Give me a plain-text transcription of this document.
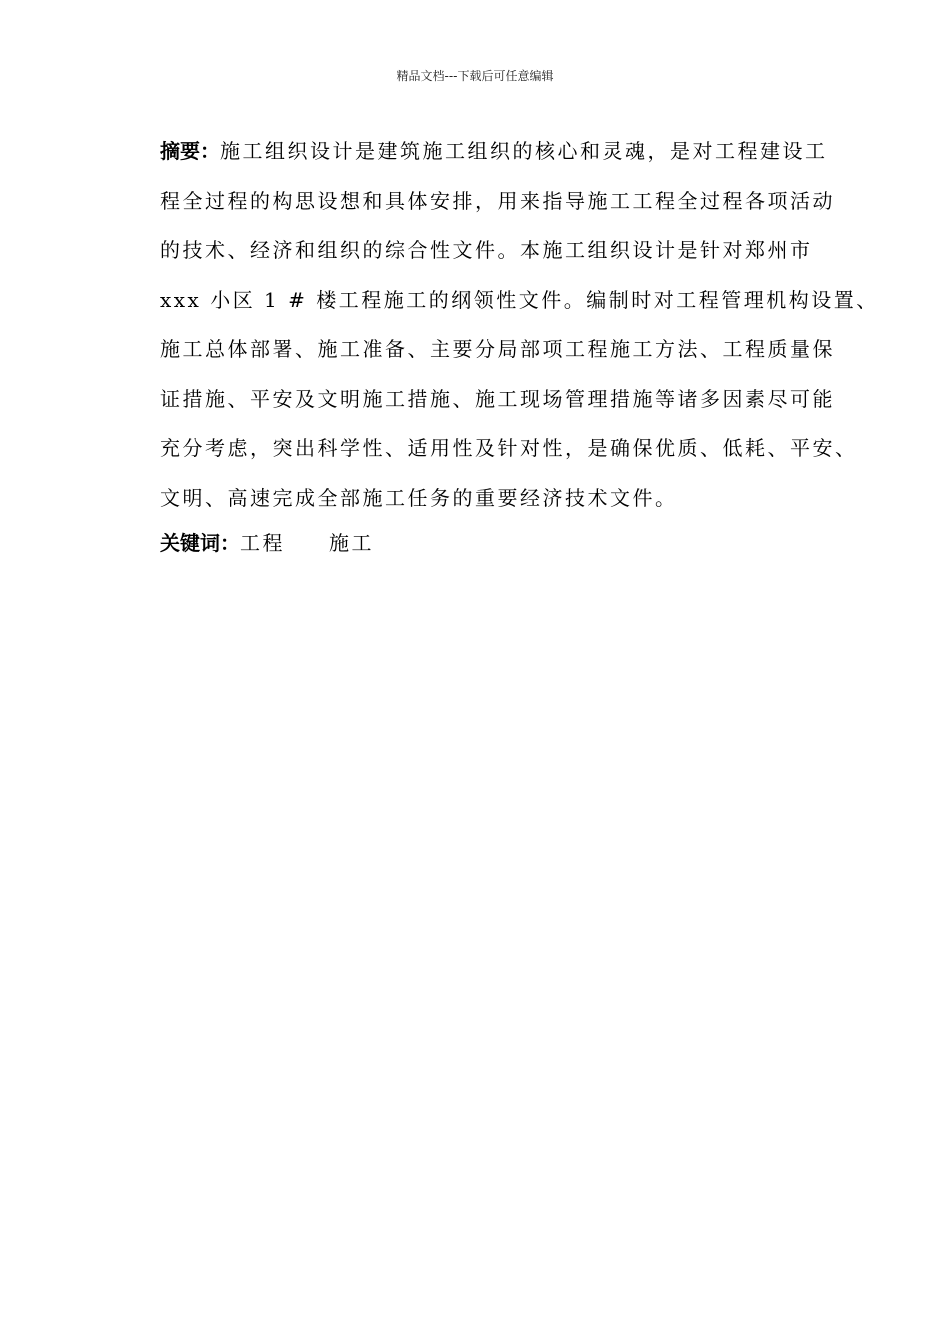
精品文档---下载后可任意编辑
摘要：施工组织设计是建筑施工组织的核心和灵魂，是对工程建设工
程全过程的构思设想和具体安排，用来指导施工工程全过程各项活动
的技术、经济和组织的综合性文件。本施工组织设计是针对郑州市
xxx 小区 1 # 楼工程施工的纲领性文件。编制时对工程管理机构设置、
施工总体部署、施工准备、主要分局部项工程施工方法、工程质量保
证措施、平安及文明施工措施、施工现场管理措施等诸多因素尽可能
充分考虑，突出科学性、适用性及针对性，是确保优质、低耗、平安、
文明、高速完成全部施工任务的重要经济技术文件。
关键词：工程 施工
